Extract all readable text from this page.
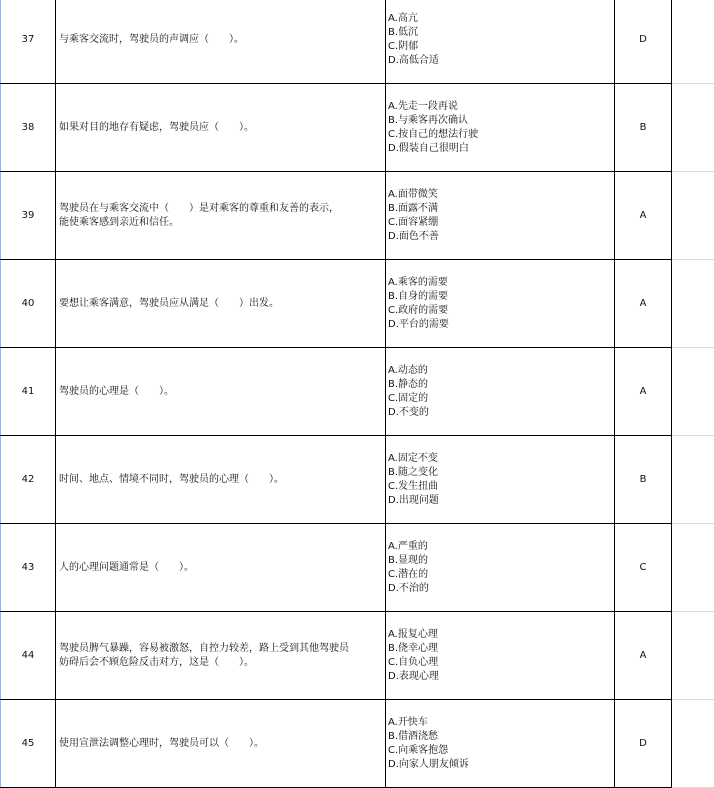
37 与乘客交流时，驾驶员的声调应（　　）。
A.高亢
B.低沉
C.阴郁
D.高低合适
D
38 如果对目的地存有疑虑，驾驶员应（　　）。
A.先走一段再说
B.与乘客再次确认
C.按自己的想法行驶
D.假装自己很明白
B
39
驾驶员在与乘客交流中（　　）是对乘客的尊重和友善的表示，
能使乘客感到亲近和信任。
A.面带微笑
B.面露不满
C.面容紧绷
D.面色不善
A
40 要想让乘客满意，驾驶员应从满足（　　）出发。
A.乘客的需要
B.自身的需要
C.政府的需要
D.平台的需要
A
41 驾驶员的心理是（　　）。
A.动态的
B.静态的
C.固定的
D.不变的
A
42 时间、地点、情境不同时，驾驶员的心理（　　）。
A.固定不变
B.随之变化
C.发生扭曲
D.出现问题
B
43 人的心理问题通常是（　　）。
A.严重的
B.显现的
C.潜在的
D.不治的
C
44
驾驶员脾气暴躁，容易被激怒，自控力较差，路上受到其他驾驶员
妨碍后会不顾危险反击对方，这是（　　）。
A.报复心理
B.侥幸心理
C.自负心理
D.表现心理
A
45 使用宣泄法调整心理时，驾驶员可以（　　）。
A.开快车
B.借酒浇愁
C.向乘客抱怨
D.向家人朋友倾诉
D
